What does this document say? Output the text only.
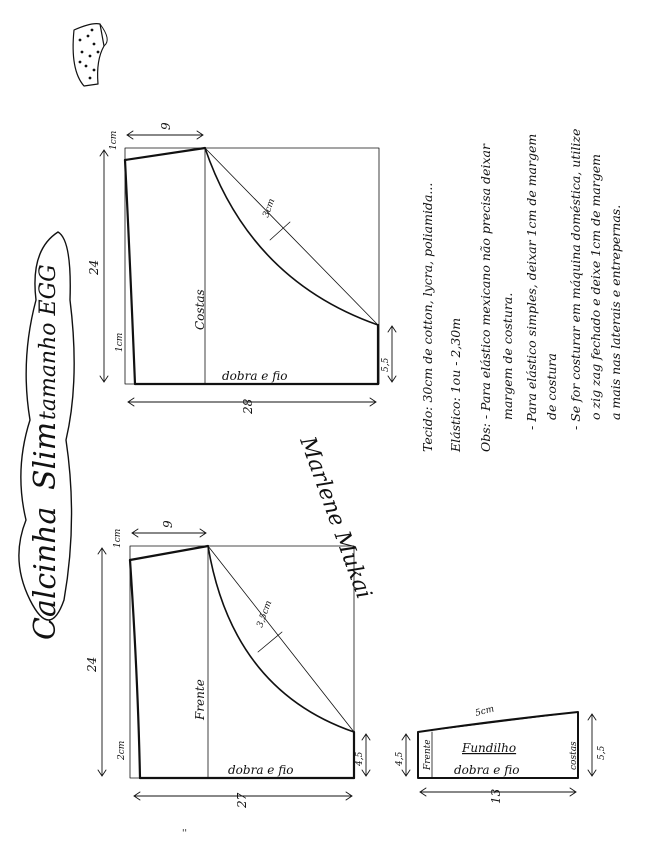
Calcinha
Slim
tamanho EGG	Costas
dobra e fio
1cm
9
3cm
24
1cm
5,5
28
Frente
dobra e fio
1cm
9
3,5cm
24
2cm	4,5
27
Fundilho
dobra e fio
Frente	costas
5cm
4,5	5,5
13
Tecido: 30cm de cotton, lycra, poliamida... Elástico: 1ou - 2,30m Obs: - Para elástico mexicano não precisa deixar margem de costura. - Para elástico simples, deixar 1cm de margem de costura - Se for costurar em máquina doméstica, utilize o zig zag fechado e deixe 1cm de margem a mais nas laterais e entrepernas.
Marlene Mukai
''
